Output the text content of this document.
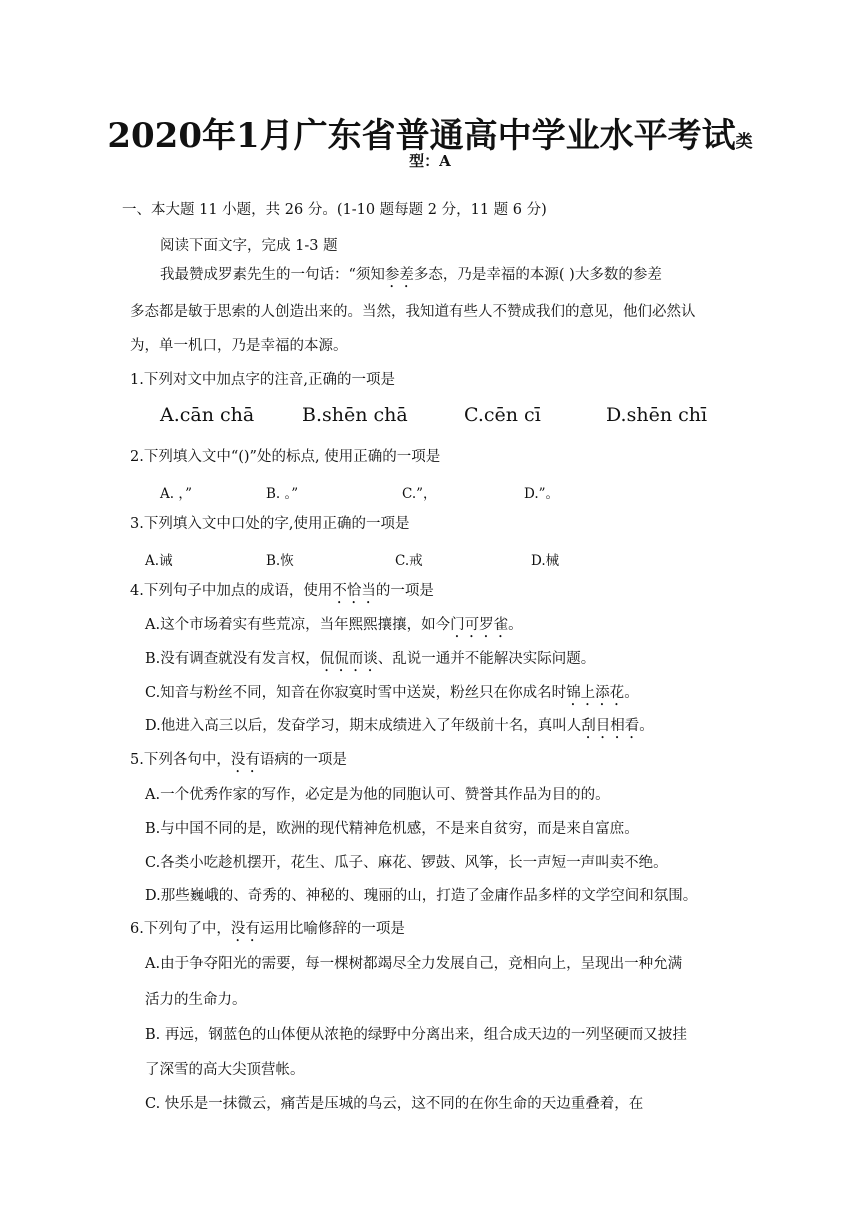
2020年1月广东省普通高中学业水平考试类
型：A
一、本大题 11 小题，共 26 分。(1-10 题每题 2 分，11 题 6 分)
阅读下面文字，完成 1-3 题
我最赞成罗素先生的一句话：“须知参差多态，乃是幸福的本源( )大多数的参差
多态都是敏于思索的人创造出来的。当然，我知道有些人不赞成我们的意见，他们必然认
为，单一机口，乃是幸福的本源。
1.下列对文中加点字的注音,正确的一项是
A.cān chā	B.shēn chā	C.cēn cī	D.shēn chī
2.下列填入文中“()”处的标点, 使用正确的一项是
A. ，”	B. 。”	C.”，	D.”。
3.下列填入文中口处的字,使用正确的一项是
A.诫	B.恢	C.戒	D.械
4.下列句子中加点的成语，使用不恰当的一项是
A.这个市场着实有些荒凉，当年熙熙攘攘，如今门可罗雀。
B.没有调查就没有发言权，侃侃而谈、乱说一通并不能解决实际问题。
C.知音与粉丝不同，知音在你寂寞时雪中送炭，粉丝只在你成名时锦上添花。
D.他进入高三以后，发奋学习，期末成绩进入了年级前十名，真叫人刮目相看。
5.下列各句中，没有语病的一项是
A.一个优秀作家的写作，必定是为他的同胞认可、赞誉其作品为目的的。
B.与中国不同的是，欧洲的现代精神危机感，不是来自贫穷，而是来自富庶。
C.各类小吃趁机摆开，花生、瓜子、麻花、锣鼓、风筝，长一声短一声叫卖不绝。
D.那些巍峨的、奇秀的、神秘的、瑰丽的山，打造了金庸作品多样的文学空间和氛围。
6.下列句了中，没有运用比喻修辞的一项是
A.由于争夺阳光的需要，每一棵树都竭尽全力发展自己，竞相向上，呈现出一种允满
活力的生命力。
B. 再远，钢蓝色的山体便从浓艳的绿野中分离出来，组合成天边的一列坚硬而又披挂
了深雪的高大尖顶营帐。
C. 快乐是一抹微云，痛苦是压城的乌云，这不同的在你生命的天边重叠着，在
